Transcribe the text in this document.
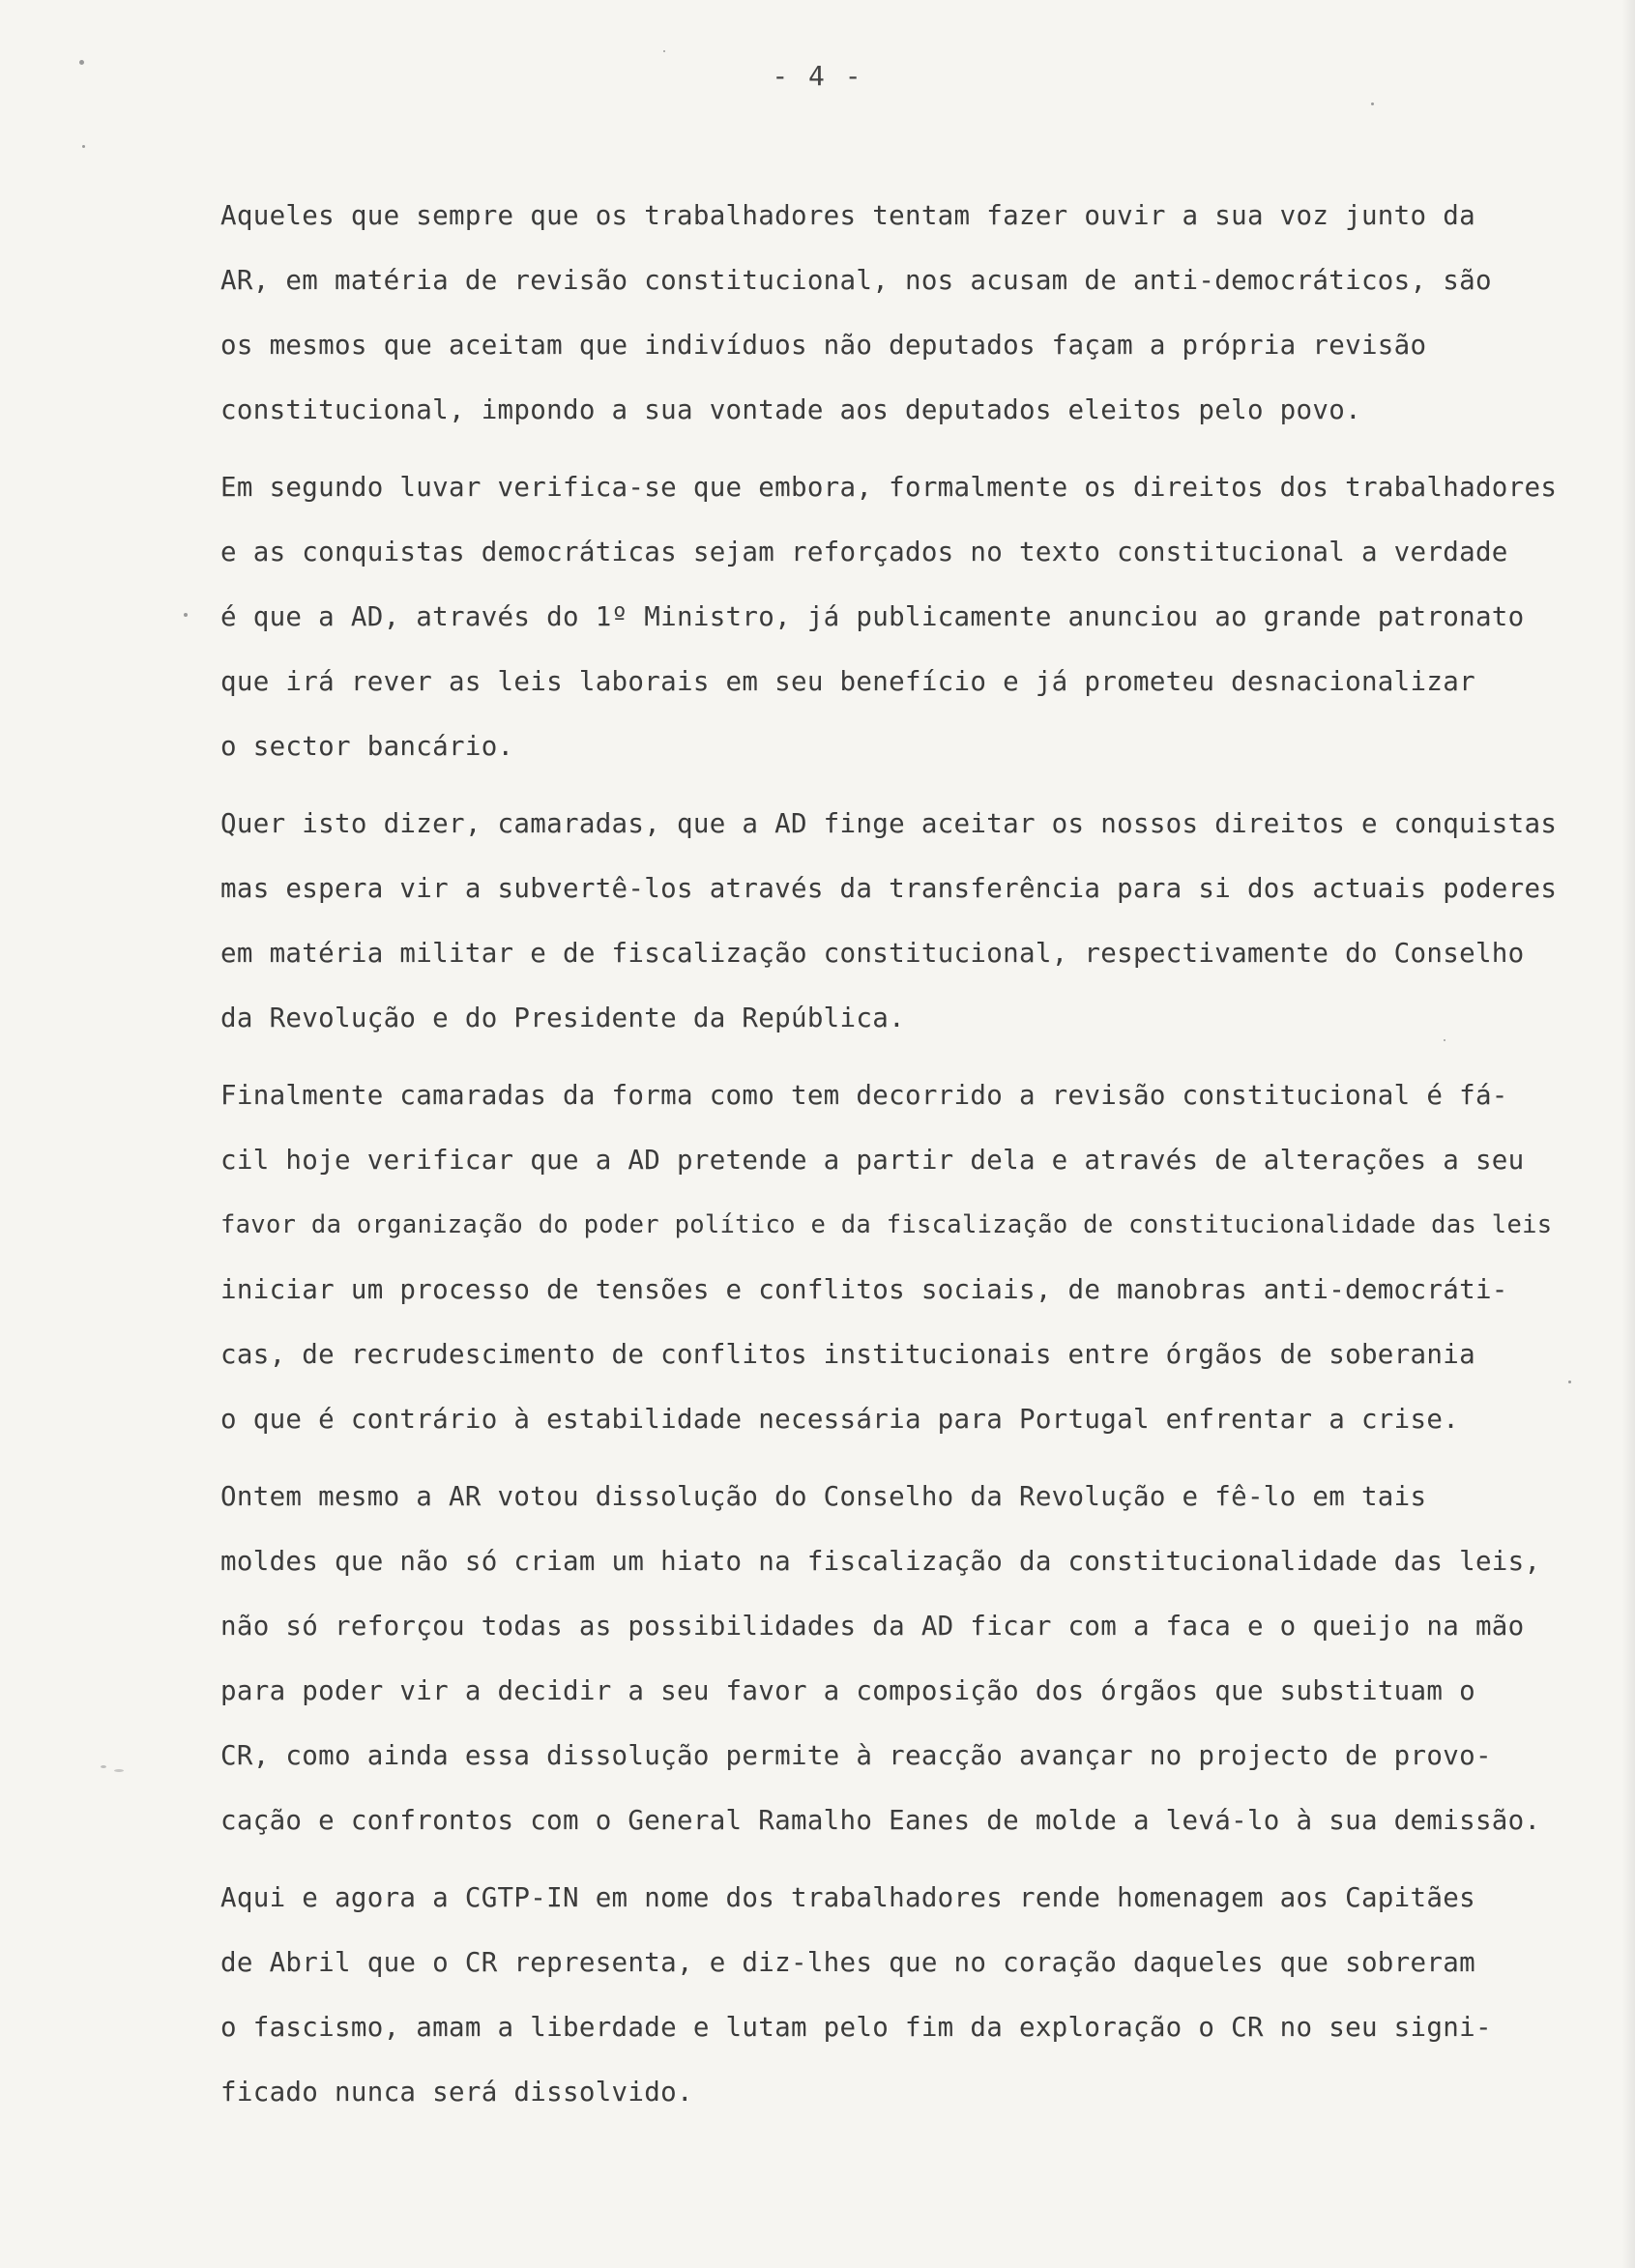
- 4 -
Aqueles que sempre que os trabalhadores tentam fazer ouvir a sua voz junto da
AR, em matéria de revisão constitucional, nos acusam de anti-democráticos, são
os mesmos que aceitam que indivíduos não deputados façam a própria revisão
constitucional, impondo a sua vontade aos deputados eleitos pelo povo.
Em segundo luvar verifica-se que embora, formalmente os direitos dos trabalhadores
e as conquistas democráticas sejam reforçados no texto constitucional a verdade
é que a AD, através do 1º Ministro, já publicamente anunciou ao grande patronato
que irá rever as leis laborais em seu benefício e já prometeu desnacionalizar
o sector bancário.
Quer isto dizer, camaradas, que a AD finge aceitar os nossos direitos e conquistas
mas espera vir a subvertê-los através da transferência para si dos actuais poderes
em matéria militar e de fiscalização constitucional, respectivamente do Conselho
da Revolução e do Presidente da República.
Finalmente camaradas da forma como tem decorrido a revisão constitucional é fá-
cil hoje verificar que a AD pretende a partir dela e através de alterações a seu
favor da organização do poder político e da fiscalização de constitucionalidade das leis
iniciar um processo de tensões e conflitos sociais, de manobras anti-democráti-
cas, de recrudescimento de conflitos institucionais entre órgãos de soberania
o que é contrário à estabilidade necessária para Portugal enfrentar a crise.
Ontem mesmo a AR votou dissolução do Conselho da Revolução e fê-lo em tais
moldes que não só criam um hiato na fiscalização da constitucionalidade das leis,
não só reforçou todas as possibilidades da AD ficar com a faca e o queijo na mão
para poder vir a decidir a seu favor a composição dos órgãos que substituam o
CR, como ainda essa dissolução permite à reacção avançar no projecto de provo-
cação e confrontos com o General Ramalho Eanes de molde a levá-lo à sua demissão.
Aqui e agora a CGTP-IN em nome dos trabalhadores rende homenagem aos Capitães
de Abril que o CR representa, e diz-lhes que no coração daqueles que sobreram
o fascismo, amam a liberdade e lutam pelo fim da exploração o CR no seu signi-
ficado nunca será dissolvido.
